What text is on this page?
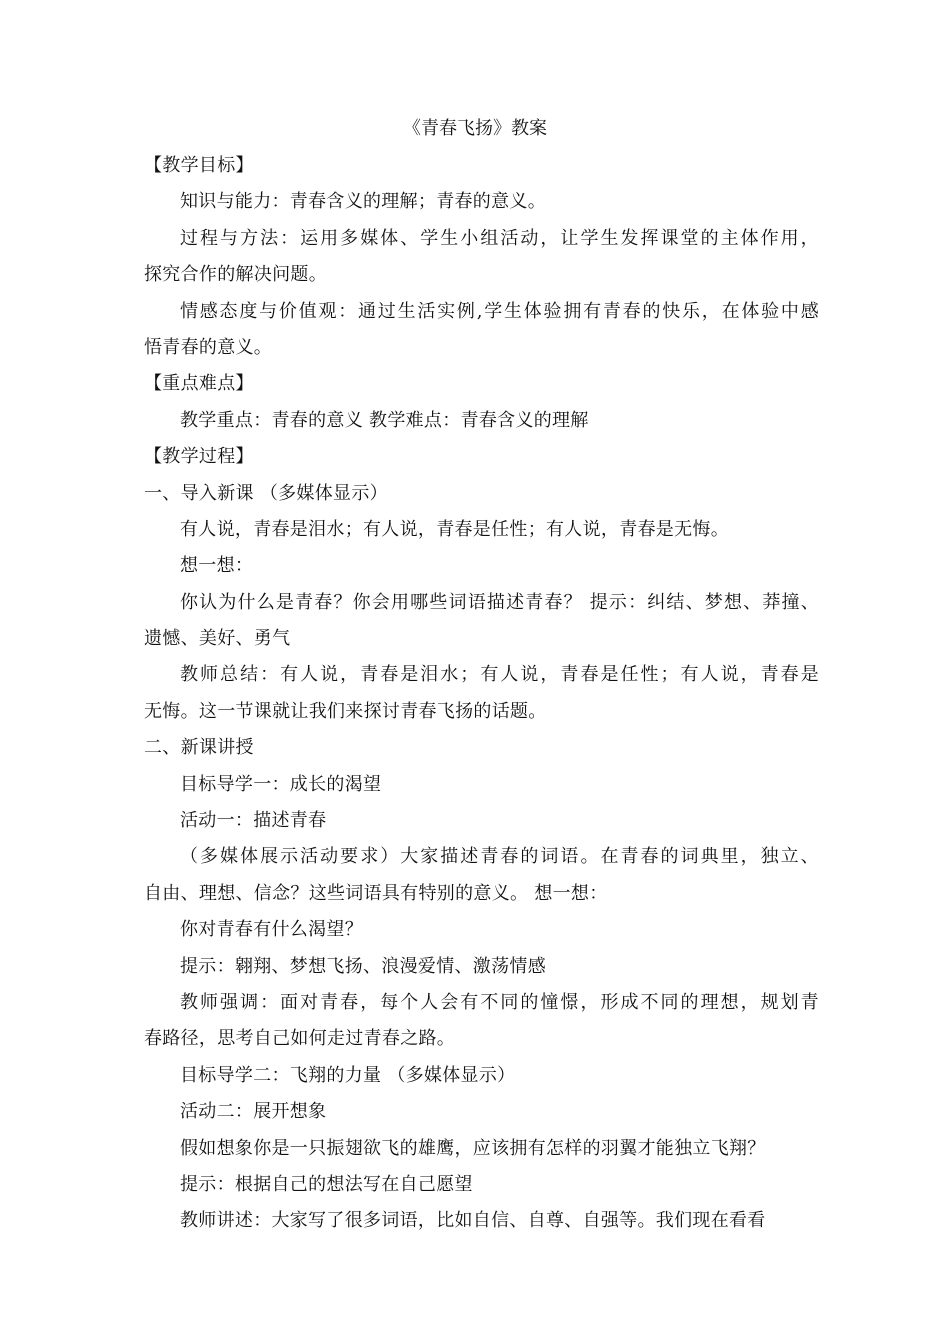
《青春飞扬》教案
【教学目标】
知识与能力：青春含义的理解；青春的意义。
过程与方法：运用多媒体、学生小组活动，让学生发挥课堂的主体作用，
探究合作的解决问题。
情感态度与价值观：通过生活实例,学生体验拥有青春的快乐，在体验中感
悟青春的意义。
【重点难点】
教学重点：青春的意义 教学难点：青春含义的理解
【教学过程】
一、导入新课 （多媒体显示）
有人说，青春是泪水；有人说，青春是任性；有人说，青春是无悔。
想一想：
你认为什么是青春？你会用哪些词语描述青春？ 提示：纠结、梦想、莽撞、
遗憾、美好、勇气
教师总结：有人说，青春是泪水；有人说，青春是任性；有人说，青春是
无悔。这一节课就让我们来探讨青春飞扬的话题。
二、新课讲授
目标导学一：成长的渴望
活动一：描述青春
（多媒体展示活动要求）大家描述青春的词语。在青春的词典里，独立、
自由、理想、信念？这些词语具有特别的意义。 想一想：
你对青春有什么渴望？
提示：翱翔、梦想飞扬、浪漫爱情、激荡情感
教师强调：面对青春，每个人会有不同的憧憬，形成不同的理想，规划青
春路径，思考自己如何走过青春之路。
目标导学二：飞翔的力量 （多媒体显示）
活动二：展开想象
假如想象你是一只振翅欲飞的雄鹰，应该拥有怎样的羽翼才能独立飞翔？
提示：根据自己的想法写在自己愿望
教师讲述：大家写了很多词语，比如自信、自尊、自强等。我们现在看看
